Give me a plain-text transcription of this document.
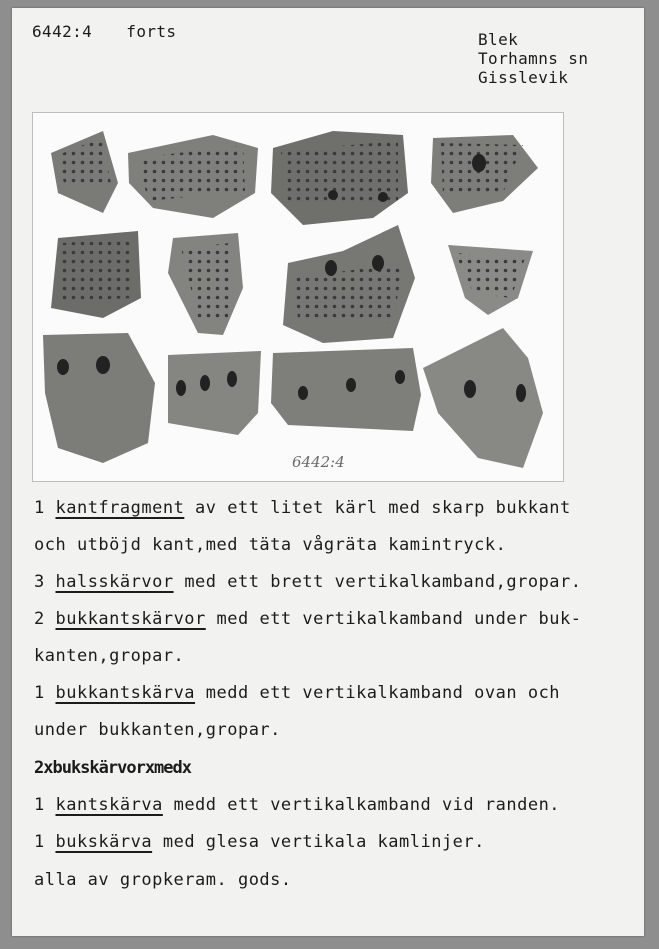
6442:4 forts	Blek
Torhamns sn
Gisslevik
6442:4
1 kantfragment av ett litet kärl med skarp bukkant
och utböjd kant,med täta vågräta kamintryck.
3 halsskärvor med ett brett vertikalkamband,gropar.
2 bukkantskärvor med ett vertikalkamband under buk-
kanten,gropar.
1 bukkantskärva medd ett vertikalkamband ovan och
under bukkanten,gropar.
2xbukskärvorxmedx
1 kantskärva medd ett vertikalkamband vid randen.
1 bukskärva med glesa vertikala kamlinjer.
alla av gropkeram. gods.
